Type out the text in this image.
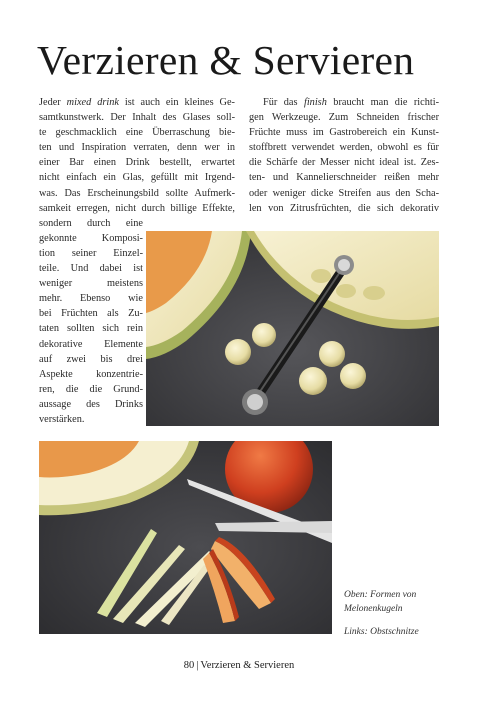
Verzieren & Servieren
Jeder mixed drink ist auch ein kleines Ge-
samtkunstwerk. Der Inhalt des Glases soll-
te geschmacklich eine Überraschung bie-
ten und Inspiration verraten, denn wer in
einer Bar einen Drink bestellt, erwartet
nicht einfach ein Glas, gefüllt mit Irgend-
was. Das Erscheinungsbild sollte Aufmerk-
samkeit erregen, nicht durch billige Effekte,
sondern durch eine
gekonnte Komposi-
tion seiner Einzel-
teile. Und dabei ist
weniger meistens
mehr. Ebenso wie
bei Früchten als Zu-
taten sollten sich rein
dekorative Elemente
auf zwei bis drei
Aspekte konzentrie-
ren, die die Grund-
aussage des Drinks
verstärken.
Für das finish braucht man die richti-
gen Werkzeuge. Zum Schneiden frischer
Früchte muss im Gastrobereich ein Kunst-
stoffbrett verwendet werden, obwohl es für
die Schärfe der Messer nicht ideal ist. Zes-
ten- und Kannelierschneider reißen mehr
oder weniger dicke Streifen aus den Scha-
len von Zitrusfrüchten, die sich dekorativ
Oben: Formen von Melonenkugeln
Links: Obstschnitze
80 | Verzieren & Servieren
